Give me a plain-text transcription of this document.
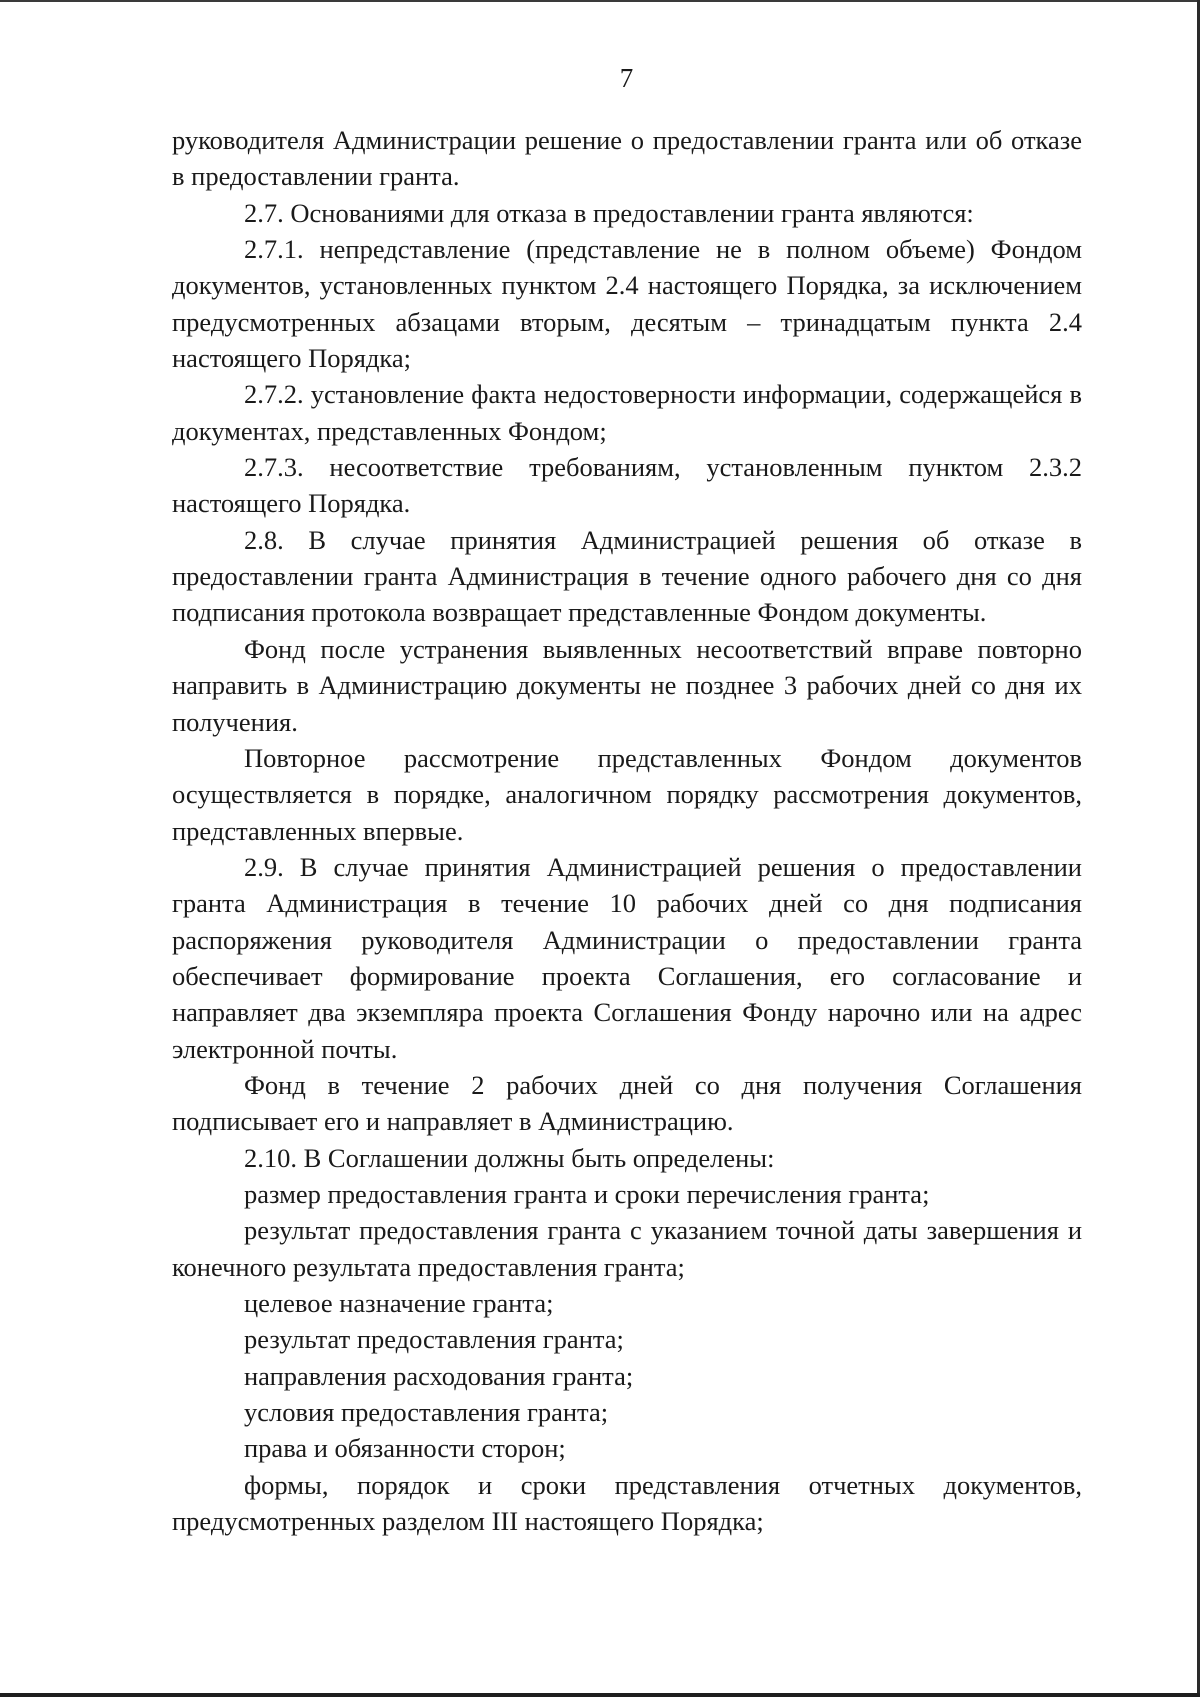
7

руководителя Администрации решение о предоставлении гранта или об отказе в предоставлении гранта.

2.7. Основаниями для отказа в предоставлении гранта являются:

2.7.1. непредставление (представление не в полном объеме) Фондом документов, установленных пунктом 2.4 настоящего Порядка, за исключением предусмотренных абзацами вторым, десятым – тринадцатым пункта 2.4 настоящего Порядка;

2.7.2. установление факта недостоверности информации, содержащейся в документах, представленных Фондом;

2.7.3. несоответствие требованиям, установленным пунктом 2.3.2 настоящего Порядка.

2.8. В случае принятия Администрацией решения об отказе в предоставлении гранта Администрация в течение одного рабочего дня со дня подписания протокола возвращает представленные Фондом документы.

Фонд после устранения выявленных несоответствий вправе повторно направить в Администрацию документы не позднее 3 рабочих дней со дня их получения.

Повторное рассмотрение представленных Фондом документов осуществляется в порядке, аналогичном порядку рассмотрения документов, представленных впервые.

2.9. В случае принятия Администрацией решения о предоставлении гранта Администрация в течение 10 рабочих дней со дня подписания распоряжения руководителя Администрации о предоставлении гранта обеспечивает формирование проекта Соглашения, его согласование и направляет два экземпляра проекта Соглашения Фонду нарочно или на адрес электронной почты.

Фонд в течение 2 рабочих дней со дня получения Соглашения подписывает его и направляет в Администрацию.

2.10. В Соглашении должны быть определены:

размер предоставления гранта и сроки перечисления гранта;

результат предоставления гранта с указанием точной даты завершения и конечного результата предоставления гранта;

целевое назначение гранта;

результат предоставления гранта;

направления расходования гранта;

условия предоставления гранта;

права и обязанности сторон;

формы, порядок и сроки представления отчетных документов, предусмотренных разделом III настоящего Порядка;
